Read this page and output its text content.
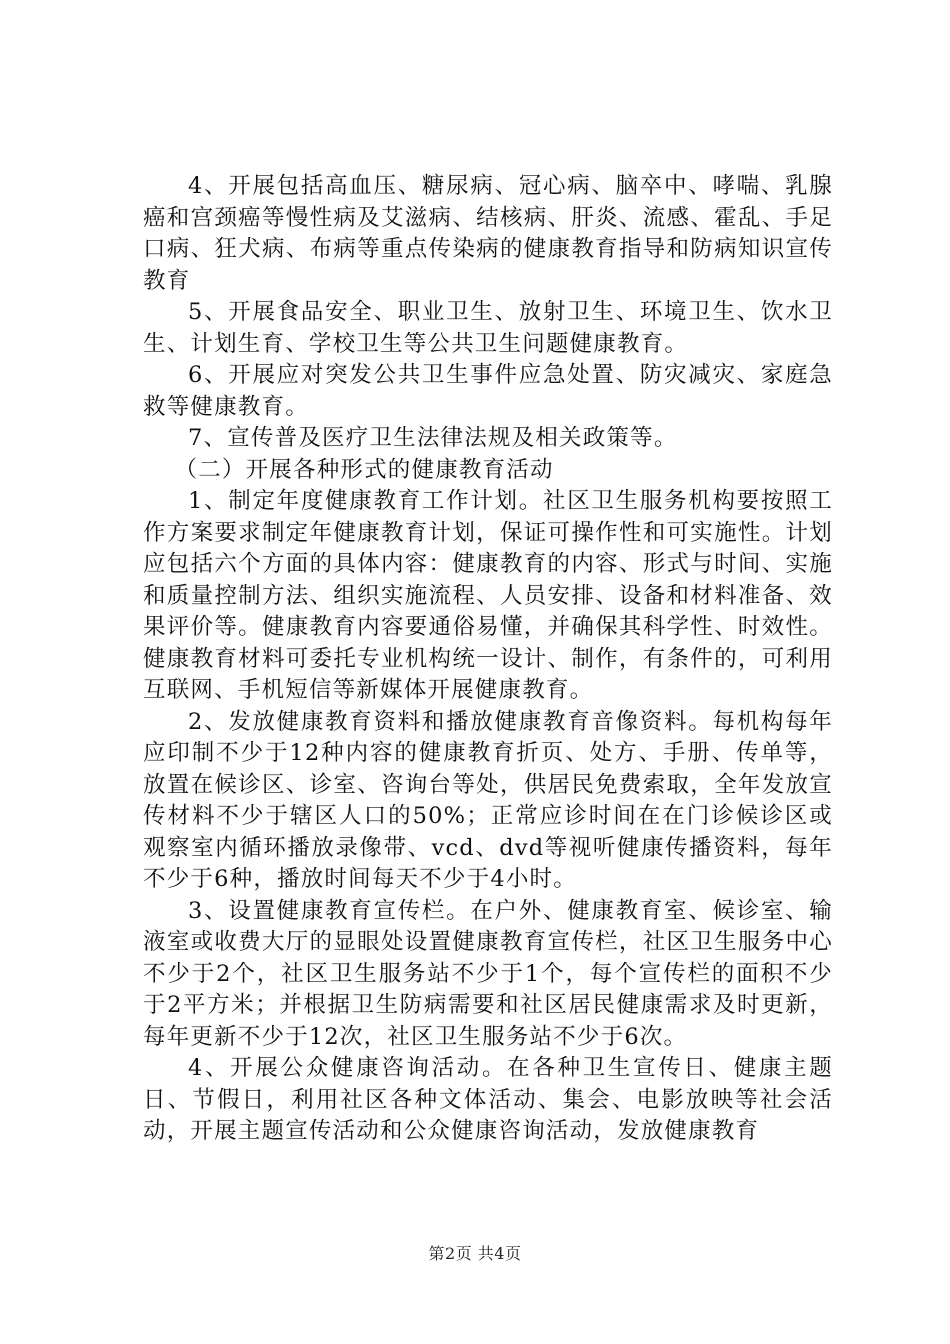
4、开展包括高血压、糖尿病、冠心病、脑卒中、哮喘、乳腺癌和宫颈癌等慢性病及艾滋病、结核病、肝炎、流感、霍乱、手足口病、狂犬病、布病等重点传染病的健康教育指导和防病知识宣传教育

5、开展食品安全、职业卫生、放射卫生、环境卫生、饮水卫生、计划生育、学校卫生等公共卫生问题健康教育。

6、开展应对突发公共卫生事件应急处置、防灾减灾、家庭急救等健康教育。

7、宣传普及医疗卫生法律法规及相关政策等。

（二）开展各种形式的健康教育活动

1、制定年度健康教育工作计划。社区卫生服务机构要按照工作方案要求制定年健康教育计划，保证可操作性和可实施性。计划应包括六个方面的具体内容：健康教育的内容、形式与时间、实施和质量控制方法、组织实施流程、人员安排、设备和材料准备、效果评价等。健康教育内容要通俗易懂，并确保其科学性、时效性。健康教育材料可委托专业机构统一设计、制作，有条件的，可利用互联网、手机短信等新媒体开展健康教育。

2、发放健康教育资料和播放健康教育音像资料。每机构每年应印制不少于12种内容的健康教育折页、处方、手册、传单等，放置在候诊区、诊室、咨询台等处，供居民免费索取，全年发放宣传材料不少于辖区人口的50%；正常应诊时间在在门诊候诊区或观察室内循环播放录像带、vcd、dvd等视听健康传播资料，每年不少于6种，播放时间每天不少于4小时。

3、设置健康教育宣传栏。在户外、健康教育室、候诊室、输液室或收费大厅的显眼处设置健康教育宣传栏，社区卫生服务中心不少于2个，社区卫生服务站不少于1个，每个宣传栏的面积不少于2平方米；并根据卫生防病需要和社区居民健康需求及时更新，每年更新不少于12次，社区卫生服务站不少于6次。

4、开展公众健康咨询活动。在各种卫生宣传日、健康主题日、节假日，利用社区各种文体活动、集会、电影放映等社会活动，开展主题宣传活动和公众健康咨询活动，发放健康教育

第2页 共4页
